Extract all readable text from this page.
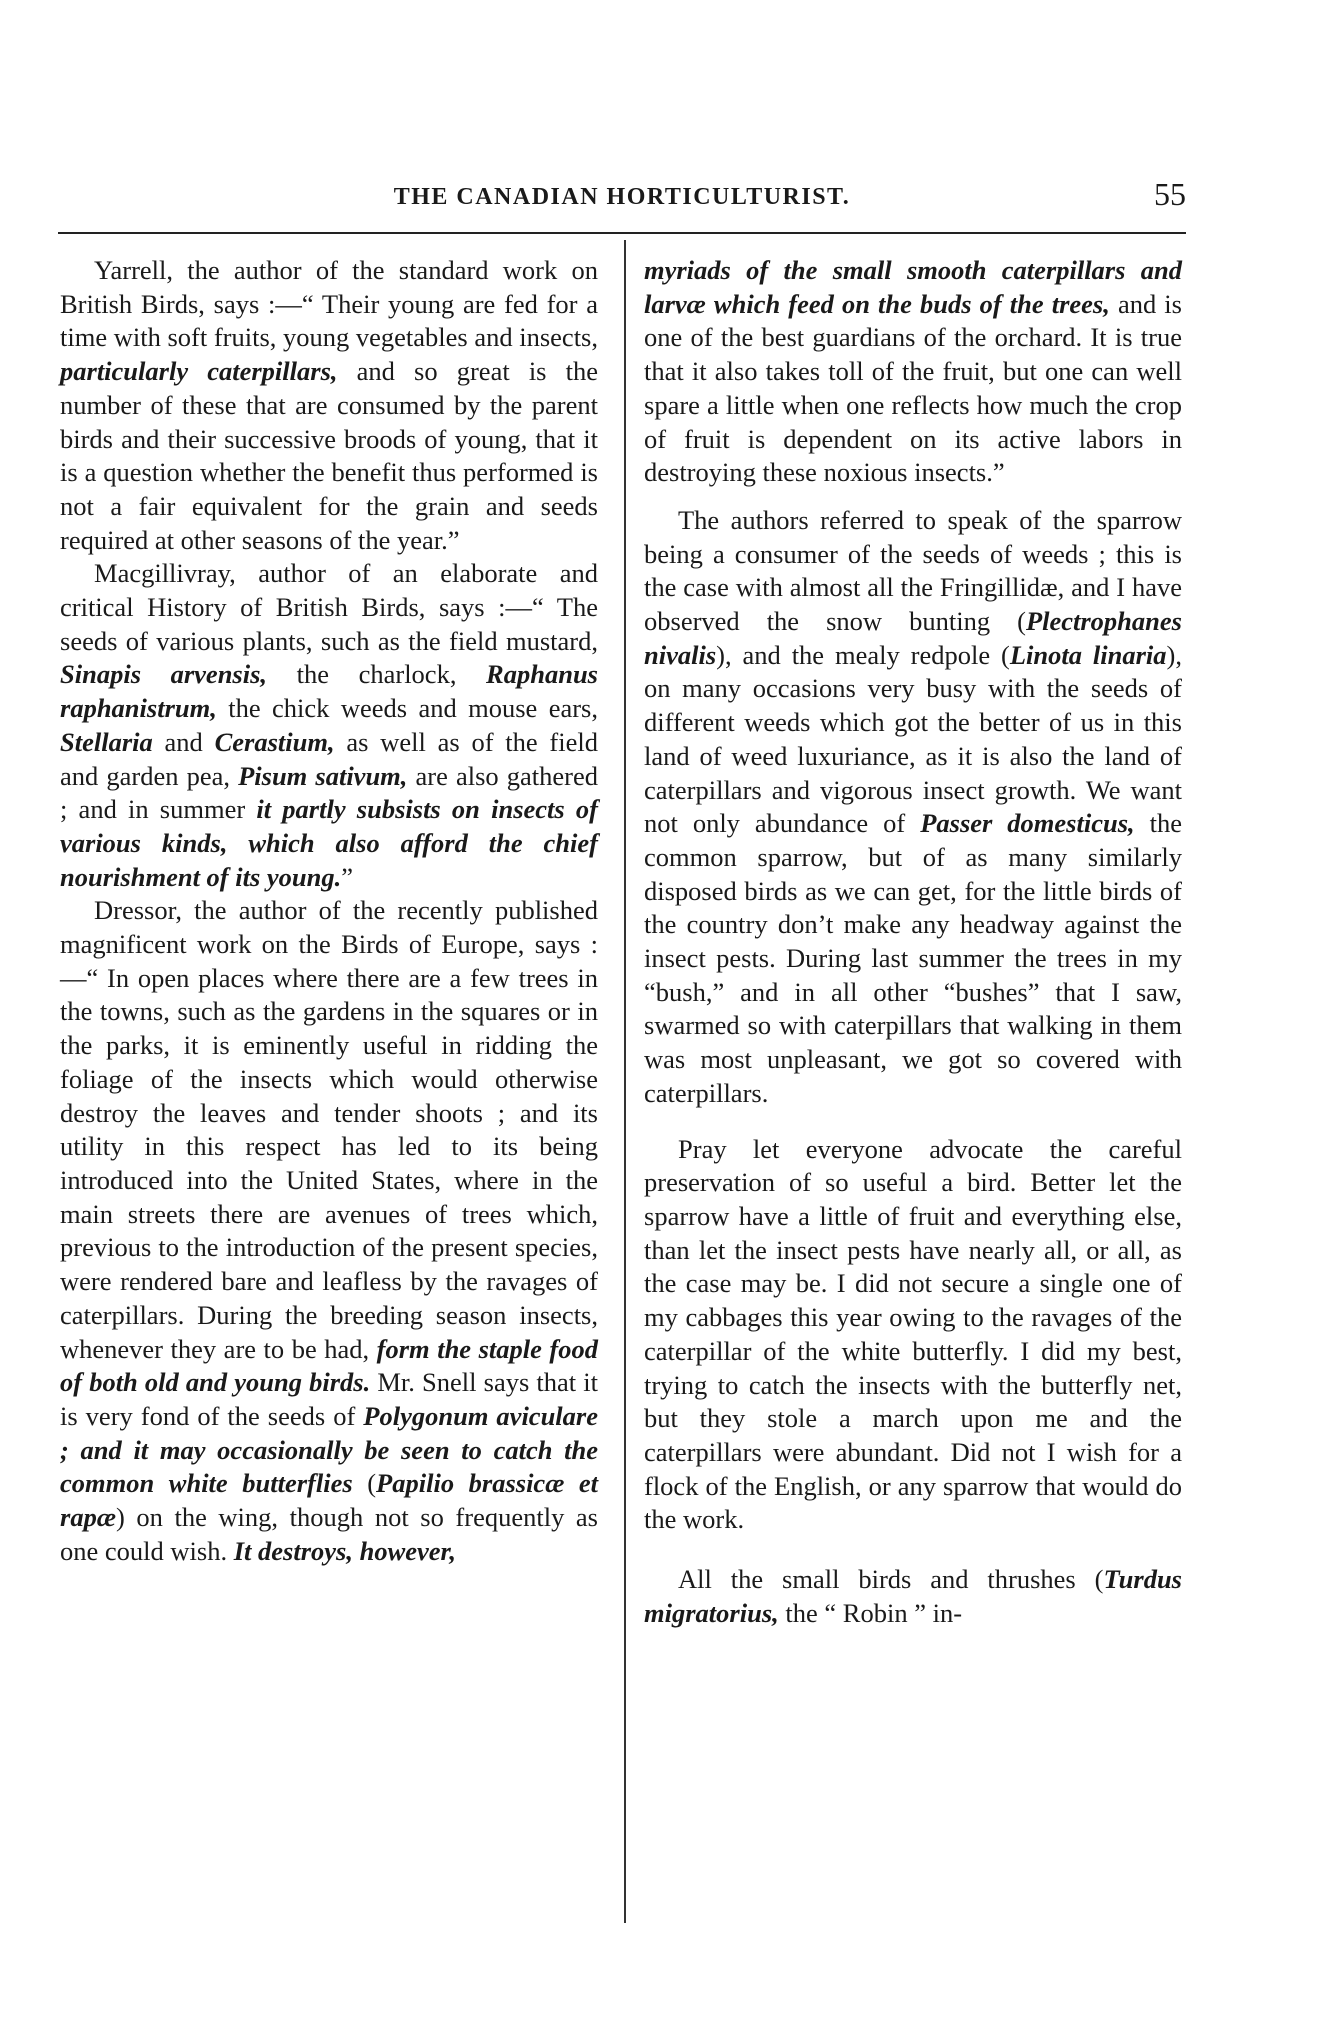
THE CANADIAN HORTICULTURIST.	55

Yarrell, the author of the standard work on British Birds, says :—“ Their young are fed for a time with soft fruits, young vegetables and insects, particularly caterpillars, and so great is the number of these that are consumed by the parent birds and their successive broods of young, that it is a question whether the benefit thus performed is not a fair equivalent for the grain and seeds required at other seasons of the year.”

Macgillivray, author of an elaborate and critical History of British Birds, says :—“ The seeds of various plants, such as the field mustard, Sinapis arvensis, the charlock, Raphanus raphanistrum, the chick weeds and mouse ears, Stellaria and Cerastium, as well as of the field and garden pea, Pisum sativum, are also gathered ; and in summer it partly subsists on insects of various kinds, which also afford the chief nourishment of its young.”

Dressor, the author of the recently published magnificent work on the Birds of Europe, says :—“ In open places where there are a few trees in the towns, such as the gardens in the squares or in the parks, it is eminently useful in ridding the foliage of the insects which would otherwise destroy the leaves and tender shoots ; and its utility in this respect has led to its being introduced into the United States, where in the main streets there are avenues of trees which, previous to the introduction of the present species, were rendered bare and leafless by the ravages of caterpillars. During the breeding season insects, whenever they are to be had, form the staple food of both old and young birds. Mr. Snell says that it is very fond of the seeds of Polygonum aviculare ; and it may occasionally be seen to catch the common white butterflies (Papilio brassicæ et rapæ) on the wing, though not so frequently as one could wish. It destroys, however,

myriads of the small smooth caterpillars and larvæ which feed on the buds of the trees, and is one of the best guardians of the orchard. It is true that it also takes toll of the fruit, but one can well spare a little when one reflects how much the crop of fruit is dependent on its active labors in destroying these noxious insects.”

The authors referred to speak of the sparrow being a consumer of the seeds of weeds ; this is the case with almost all the Fringillidæ, and I have observed the snow bunting (Plectrophanes nivalis), and the mealy redpole (Linota linaria), on many occasions very busy with the seeds of different weeds which got the better of us in this land of weed luxuriance, as it is also the land of caterpillars and vigorous insect growth. We want not only abundance of Passer domesticus, the common sparrow, but of as many similarly disposed birds as we can get, for the little birds of the country don’t make any headway against the insect pests. During last summer the trees in my “bush,” and in all other “bushes” that I saw, swarmed so with caterpillars that walking in them was most unpleasant, we got so covered with caterpillars.

Pray let everyone advocate the careful preservation of so useful a bird. Better let the sparrow have a little of fruit and everything else, than let the insect pests have nearly all, or all, as the case may be. I did not secure a single one of my cabbages this year owing to the ravages of the caterpillar of the white butterfly. I did my best, trying to catch the insects with the butterfly net, but they stole a march upon me and the caterpillars were abundant. Did not I wish for a flock of the English, or any sparrow that would do the work.

All the small birds and thrushes (Turdus migratorius, the “ Robin ” in-
